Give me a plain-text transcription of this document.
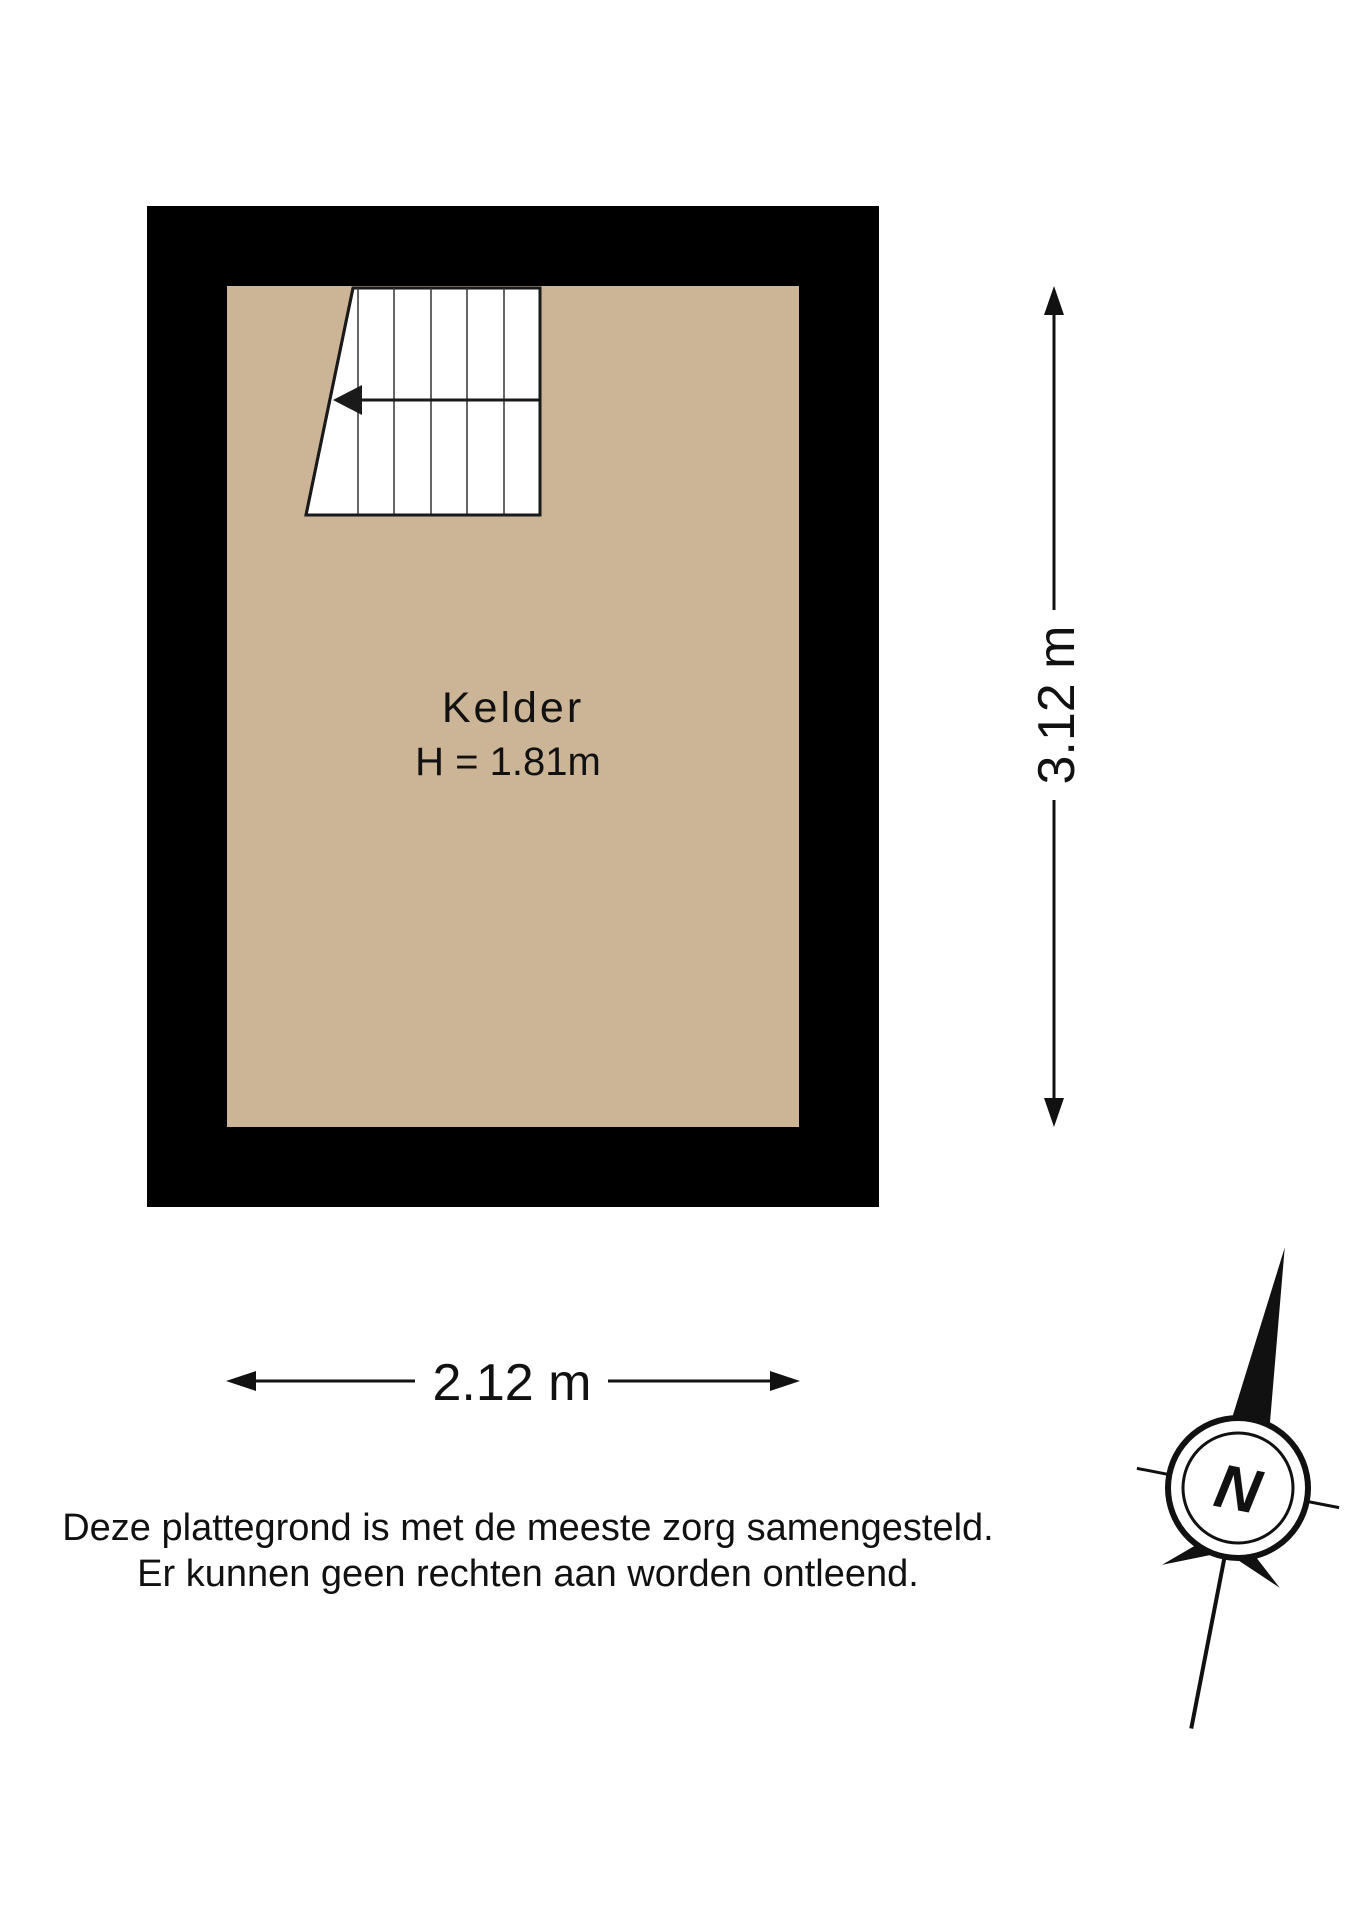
Kelder
H = 1.81m	3.12 m
2.12 m
N
Deze plattegrond is met de meeste zorg samengesteld.
Er kunnen geen rechten aan worden ontleend.
